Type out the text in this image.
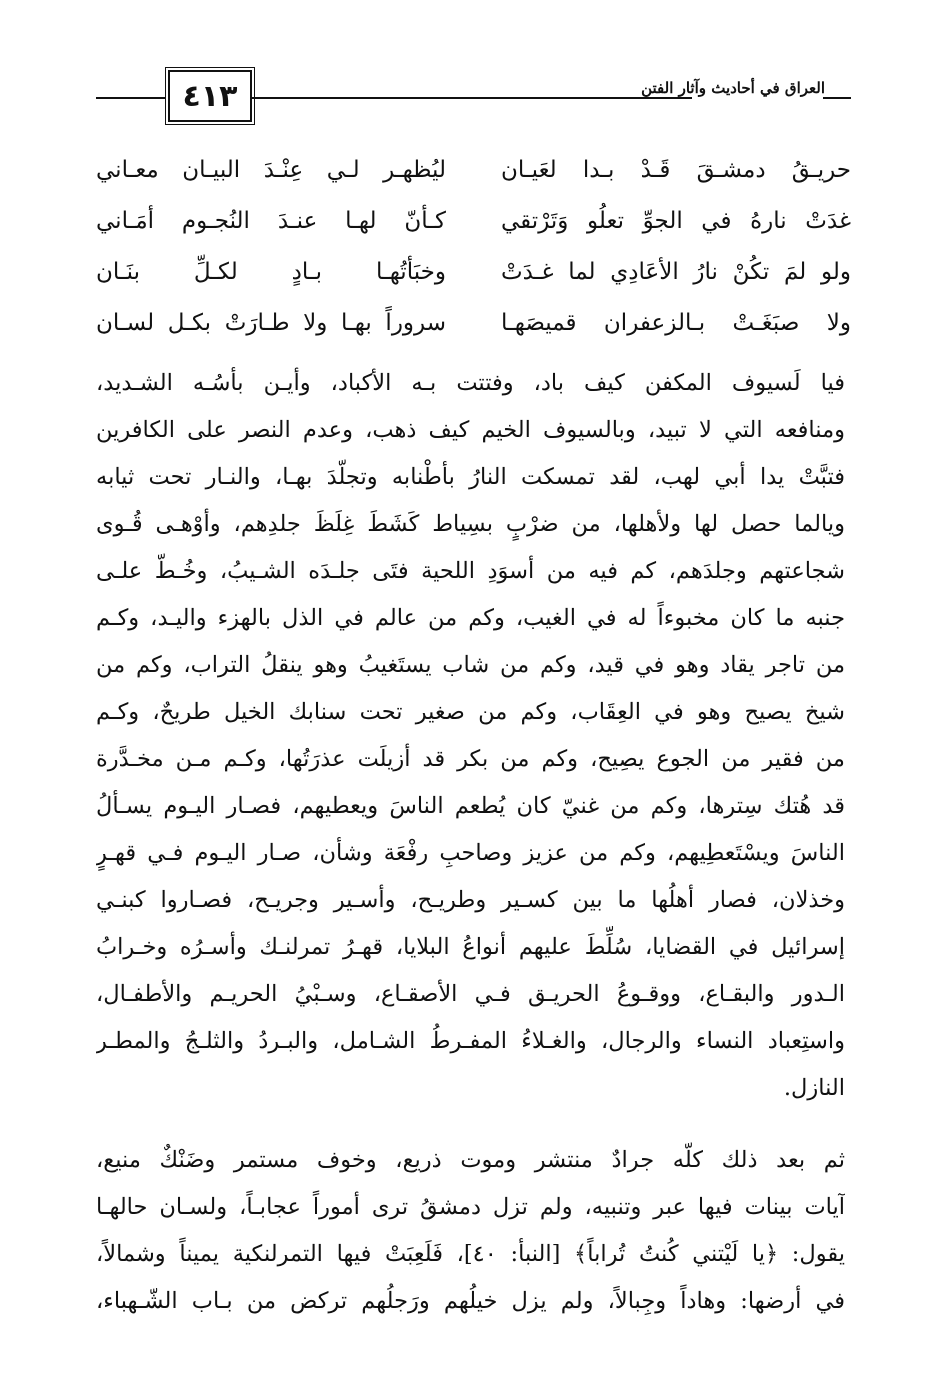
٤١٣	العراق في أحاديث وآثار الفتن
حريـقُ دمشـقَ قَـدْ بـدا لعَيـان
ليُظهـر لـي عِنْـدَ البيـان معـاني
غدَتْ نارهُ في الجوِّ تعلُو وَتَرْتقي
كـأنّ لهـا عنـدَ النُجـوم أمَـاني
ولو لمَ تكُنْ نارُ الأعَادِي لما غـدَتْ
وخبَأتُهـا بـادٍ لكـلِّ بنَـان
ولا صبَغَـتْ بـالزعفران قميصَهـا
سروراً بهـا ولا طـارَتْ بكـل لسـان
فيا لَسيوف المكفن كيف باد، وفتتت بـه الأكباد، وأيـن بأسُـه الشـديد،
ومنافعه التي لا تبيد، وبالسيوف الخيم كيف ذهب، وعدم النصر على الكافرين
فتبَّتْ يدا أبي لهب، لقد تمسكت النارُ بأطْنابه وتجلّدَ بهـا، والنـار تحت ثيابه
ويالما حصل لها ولأهلها، من ضرْبٍ بسِياط كَشَطَ غِلَظَ جلدِهم، وأوْهـى قُـوى
شجاعتهم وجلدَهم، كم فيه من أسوَدِ اللحية فتَى جلـدَه الشـيبُ، وخُـطّ علـى
جنبه ما كان مخبوءاً له في الغيب، وكم من عالم في الذل بالهزء واليـد، وكـم
من تاجر يقاد وهو في قيد، وكم من شاب يستَغيبُ وهو ينقلُ التراب، وكم من
شيخ يصيح وهو في العِقَاب، وكم من صغير تحت سنابك الخيل طريحٌ، وكـم
من فقير من الجوع يصِيح، وكم من بكر قد أزيلَت عذرَتُها، وكـم مـن مخـدَّرة
قد هُتك سِترها، وكم من غنيّ كان يُطعم الناسَ ويعطيهم، فصـار اليـوم يسـألُ
الناسَ ويسْتَعطِيهم، وكم من عزيز وصاحبِ رفْعَة وشأن، صـار اليـوم فـي قهـرٍ
وخذلان، فصار أهلُها ما بين كسـير وطريـح، وأسـير وجريـح، فصـاروا كبنـي
إسرائيل في القضايا، سُلِّطَ عليهم أنواعُ البلايا، قهـرُ تمرلنـك وأسـرُه وخـرابُ
الـدور والبقـاع، ووقـوعُ الحريـق فـي الأصقـاع، وسـبْيُ الحريـم والأطفـال،
واستِعباد النساء والرجال، والغـلاءُ المفـرطُ الشـامل، والبـردُ والثلـجُ والمطـر
النازل.
ثم بعد ذلك كلّه جرادٌ منتشر وموت ذريع، وخوف مستمر وضَنْكٌ منيع،
آيات بينات فيها عبر وتنبيه، ولم تزل دمشقُ ترى أموراً عجابـاً، ولسـان حالهـا
يقول: ﴿يا لَيْتني كُنتُ تُراباً﴾ [النبأ: ٤٠]، فَلَعِبَتْ فيها التمرلنكية يميناً وشمالاً،
في أرضها: وهاداً وجِبالاً، ولم يزل خيلُهم ورَجلُهم تركض من بـاب الشّـهباء،
